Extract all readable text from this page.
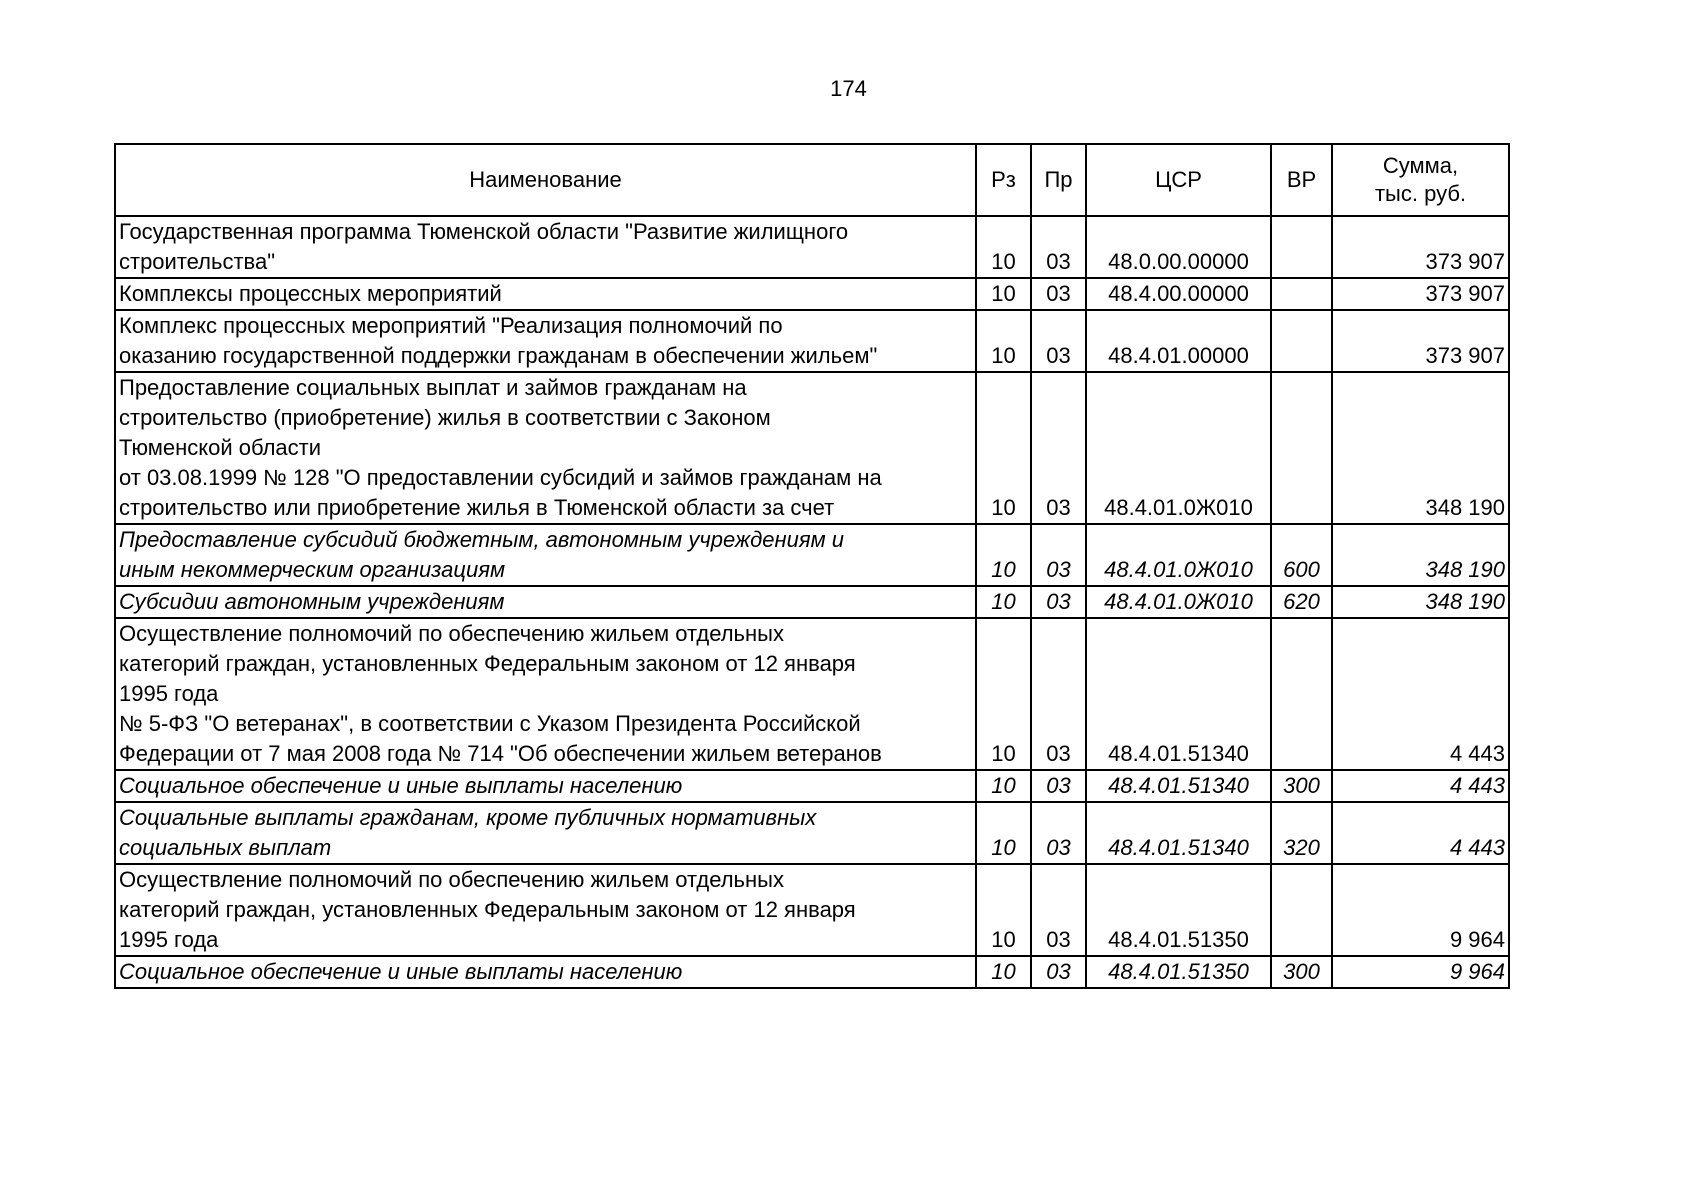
174
Наименование	Рз	Пр	ЦСР	ВР	Сумма,
тыс. руб.

Государственная программа Тюменской области "Развитие жилищного
строительства"	10	03	48.0.00.00000		373 907

Комплексы процессных мероприятий	10	03	48.4.00.00000		373 907

Комплекс процессных мероприятий "Реализация полномочий по
оказанию государственной поддержки гражданам в обеспечении жильем"	10	03	48.4.01.00000		373 907

Предоставление социальных выплат и займов гражданам на
строительство (приобретение) жилья в соответствии с Законом
Тюменской области
от 03.08.1999 № 128 "О предоставлении субсидий и займов гражданам на
строительство или приобретение жилья в Тюменской области за счет	10	03	48.4.01.0Ж010		348 190

Предоставление субсидий бюджетным, автономным учреждениям и
иным некоммерческим организациям	10	03	48.4.01.0Ж010	600	348 190

Субсидии автономным учреждениям	10	03	48.4.01.0Ж010	620	348 190

Осуществление полномочий по обеспечению жильем отдельных
категорий граждан, установленных Федеральным законом от 12 января
1995 года
№ 5-ФЗ "О ветеранах", в соответствии с Указом Президента Российской
Федерации от 7 мая 2008 года № 714 "Об обеспечении жильем ветеранов	10	03	48.4.01.51340		4 443

Социальное обеспечение и иные выплаты населению	10	03	48.4.01.51340	300	4 443

Социальные выплаты гражданам, кроме публичных нормативных
социальных выплат	10	03	48.4.01.51340	320	4 443

Осуществление полномочий по обеспечению жильем отдельных
категорий граждан, установленных Федеральным законом от 12 января
1995 года	10	03	48.4.01.51350		9 964

Социальное обеспечение и иные выплаты населению	10	03	48.4.01.51350	300	9 964
